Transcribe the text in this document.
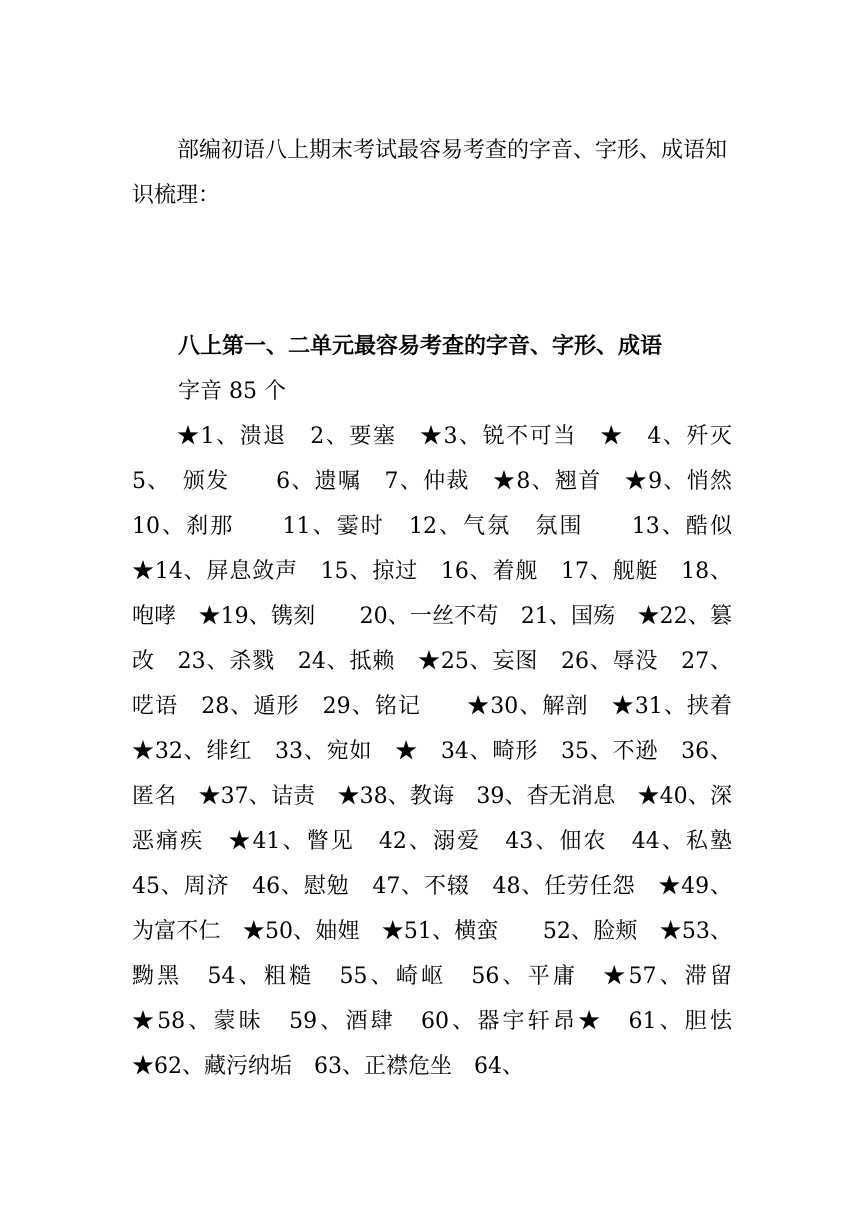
部编初语八上期末考试最容易考查的字音、字形、成语知识梳理：

八上第一、二单元最容易考查的字音、字形、成语

字音 85 个

★1、溃退　2、要塞　★3、锐不可当　★　4、歼灭　5、　颁发　　6、遗嘱　7、仲裁　★8、翘首　★9、悄然　10、刹那　　11、霎时　12、气氛　氛围　　13、酷似　★14、屏息敛声　15、掠过　16、着舰　17、舰艇　18、咆哮　★19、镌刻　　20、一丝不苟　21、国殇　★22、篡改　23、杀戮　24、抵赖　★25、妄图　26、辱没　27、呓语　28、遁形　29、铭记　　★30、解剖　★31、挟着　★32、绯红　33、宛如　★　34、畸形　35、不逊　36、匿名　★37、诘责　★38、教诲　39、杳无消息　★40、深恶痛疾　★41、瞥见　42、溺爱　43、佃农　44、私塾　45、周济　46、慰勉　47、不辍　48、任劳任怨　★49、为富不仁　★50、妯娌　★51、横蛮　　52、脸颊　★53、黝黑　54、粗糙　55、崎岖　56、平庸　★57、滞留　★58、蒙昧　59、酒肆　60、器宇轩昂★　61、胆怯　★62、藏污纳垢　63、正襟危坐　64、
